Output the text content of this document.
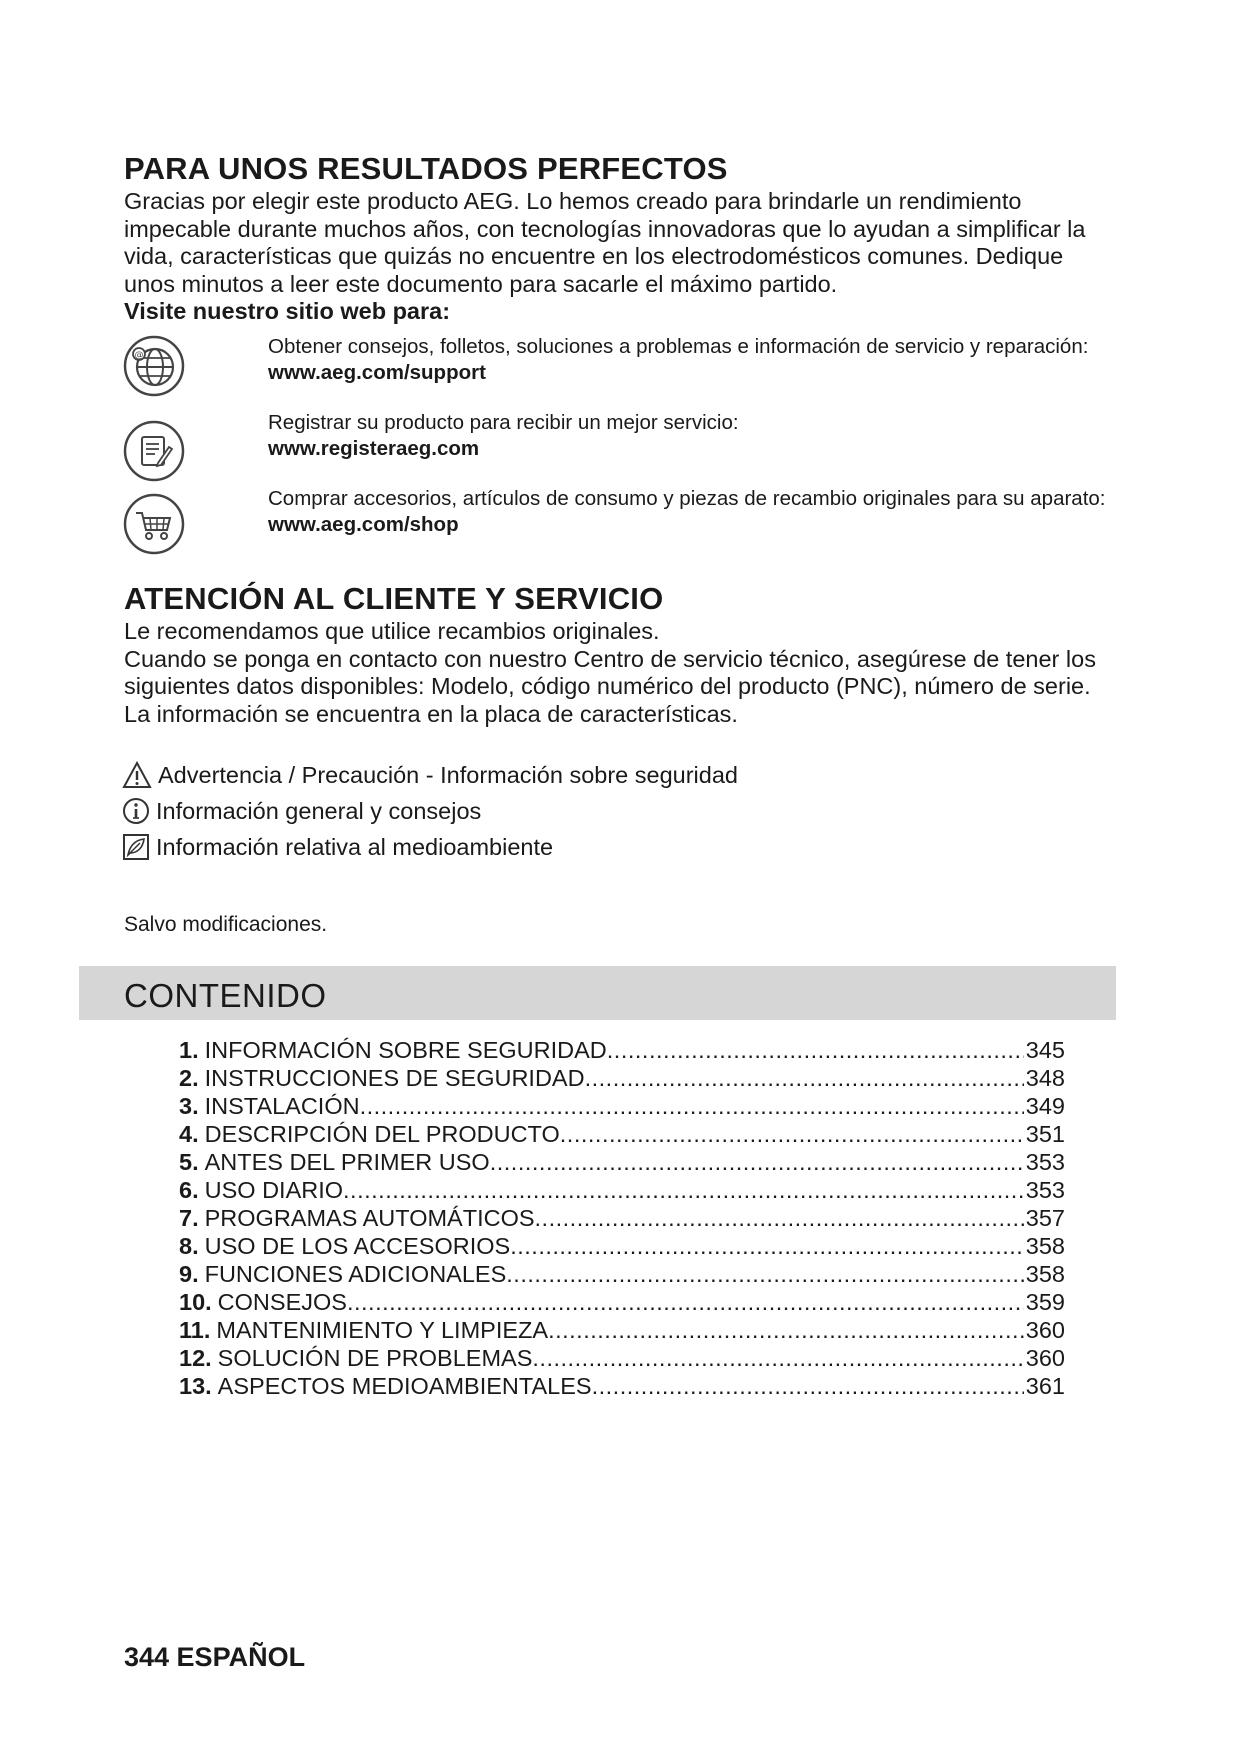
PARA UNOS RESULTADOS PERFECTOS

Gracias por elegir este producto AEG. Lo hemos creado para brindarle un rendimiento impecable durante muchos años, con tecnologías innovadoras que lo ayudan a simplificar la vida, características que quizás no encuentre en los electrodomésticos comunes. Dedique unos minutos a leer este documento para sacarle el máximo partido.

Visite nuestro sitio web para:

@	Obtener consejos, folletos, soluciones a problemas e información de servicio y reparación:
www.aeg.com/support
Registrar su producto para recibir un mejor servicio:
www.registeraeg.com
Comprar accesorios, artículos de consumo y piezas de recambio originales para su aparato:
www.aeg.com/shop
ATENCIÓN AL CLIENTE Y SERVICIO

Le recomendamos que utilice recambios originales.

Cuando se ponga en contacto con nuestro Centro de servicio técnico, asegúrese de tener los siguientes datos disponibles: Modelo, código numérico del producto (PNC), número de serie.

La información se encuentra en la placa de características.

Advertencia / Precaución - Información sobre seguridad
Información general y consejos
Información relativa al medioambiente
Salvo modificaciones.
CONTENIDO
1. INFORMACIÓN SOBRE SEGURIDAD .....	345
2. INSTRUCCIONES DE SEGURIDAD .....	348
3. INSTALACIÓN .....	349
4. DESCRIPCIÓN DEL PRODUCTO .....	351
5. ANTES DEL PRIMER USO .....	353
6. USO DIARIO .....	353
7. PROGRAMAS AUTOMÁTICOS .....	357
8. USO DE LOS ACCESORIOS .....	358
9. FUNCIONES ADICIONALES .....	358
10. CONSEJOS .....	359
11. MANTENIMIENTO Y LIMPIEZA .....	360
12. SOLUCIÓN DE PROBLEMAS .....	360
13. ASPECTOS MEDIOAMBIENTALES .....	361
344 ESPAÑOL
